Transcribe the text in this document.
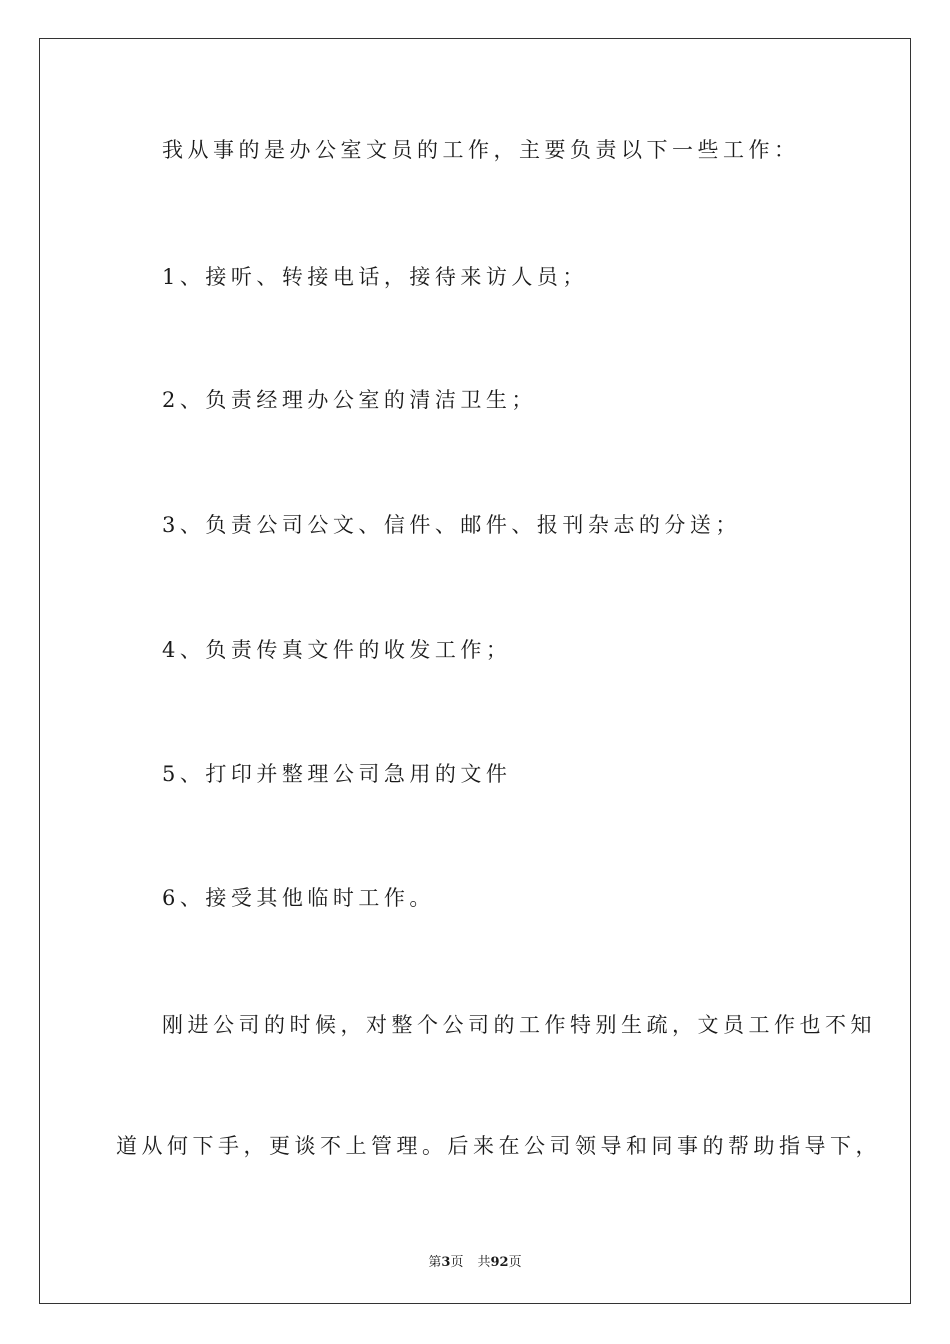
我从事的是办公室文员的工作，主要负责以下一些工作：

1、接听、转接电话，接待来访人员；

2、负责经理办公室的清洁卫生；

3、负责公司公文、信件、邮件、报刊杂志的分送；

4、负责传真文件的收发工作；

5、打印并整理公司急用的文件

6、接受其他临时工作。

刚进公司的时候，对整个公司的工作特别生疏，文员工作也不知

道从何下手，更谈不上管理。后来在公司领导和同事的帮助指导下，

第3页 共92页
